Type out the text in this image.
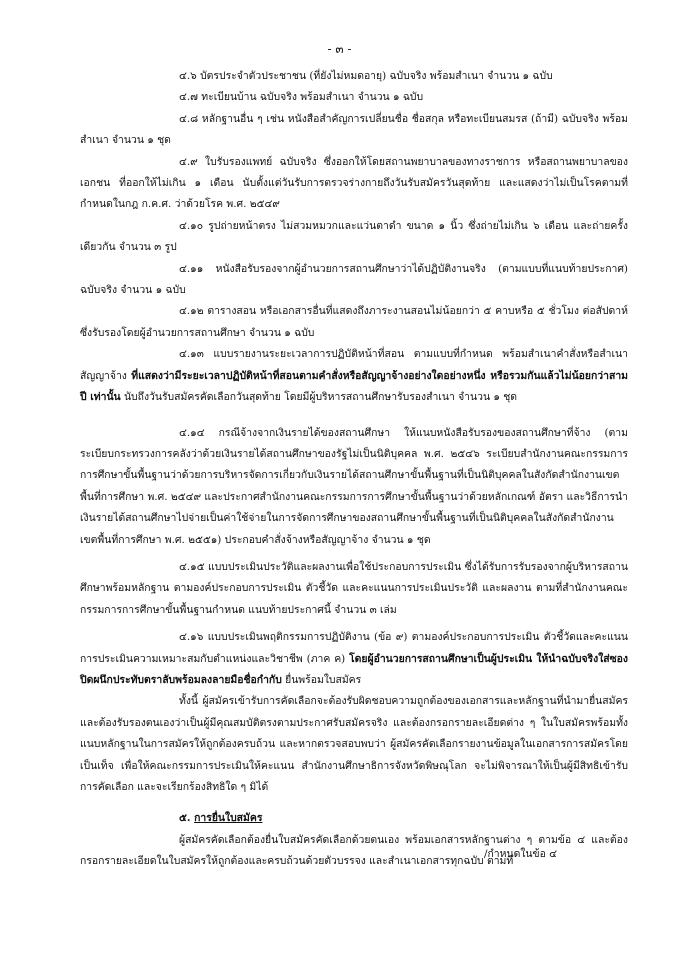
- ๓ -

๔.๖ บัตรประจำตัวประชาชน (ที่ยังไม่หมดอายุ) ฉบับจริง พร้อมสำเนา จำนวน ๑ ฉบับ

๔.๗ ทะเบียนบ้าน ฉบับจริง พร้อมสำเนา จำนวน ๑ ฉบับ

๔.๘ หลักฐานอื่น ๆ เช่น หนังสือสำคัญการเปลี่ยนชื่อ ชื่อสกุล หรือทะเบียนสมรส (ถ้ามี) ฉบับจริง พร้อมสำเนา จำนวน ๑ ชุด

๔.๙ ใบรับรองแพทย์ ฉบับจริง ซึ่งออกให้โดยสถานพยาบาลของทางราชการ หรือสถานพยาบาลของเอกชน ที่ออกให้ไม่เกิน ๑ เดือน นับตั้งแต่วันรับการตรวจร่างกายถึงวันรับสมัครวันสุดท้าย และแสดงว่าไม่เป็นโรคตามที่กำหนดในกฎ ก.ค.ศ. ว่าด้วยโรค พ.ศ. ๒๕๔๙

๔.๑๐ รูปถ่ายหน้าตรง ไม่สวมหมวกและแว่นตาดำ ขนาด ๑ นิ้ว ซึ่งถ่ายไม่เกิน ๖ เดือน และถ่ายครั้งเดียวกัน จำนวน ๓ รูป

๔.๑๑ หนังสือรับรองจากผู้อำนวยการสถานศึกษาว่าได้ปฏิบัติงานจริง (ตามแบบที่แนบท้ายประกาศ) ฉบับจริง จำนวน ๑ ฉบับ

๔.๑๒ ตารางสอน หรือเอกสารอื่นที่แสดงถึงภาระงานสอนไม่น้อยกว่า ๕ คาบหรือ ๕ ชั่วโมง ต่อสัปดาห์ ซึ่งรับรองโดยผู้อำนวยการสถานศึกษา จำนวน ๑ ฉบับ

๔.๑๓ แบบรายงานระยะเวลาการปฏิบัติหน้าที่สอน ตามแบบที่กำหนด พร้อมสำเนาคำสั่งหรือสำเนาสัญญาจ้าง ที่แสดงว่ามีระยะเวลาปฏิบัติหน้าที่สอนตามคำสั่งหรือสัญญาจ้างอย่างใดอย่างหนึ่ง หรือรวมกันแล้วไม่น้อยกว่าสามปี เท่านั้น นับถึงวันรับสมัครคัดเลือกวันสุดท้าย โดยมีผู้บริหารสถานศึกษารับรองสำเนา จำนวน ๑ ชุด

๔.๑๔ กรณีจ้างจากเงินรายได้ของสถานศึกษา ให้แนบหนังสือรับรองของสถานศึกษาที่จ้าง (ตามระเบียบกระทรวงการคลังว่าด้วยเงินรายได้สถานศึกษาของรัฐไม่เป็นนิติบุคคล พ.ศ. ๒๕๔๖ ระเบียบสำนักงานคณะกรรมการการศึกษาขั้นพื้นฐานว่าด้วยการบริหารจัดการเกี่ยวกับเงินรายได้สถานศึกษาขั้นพื้นฐานที่เป็นนิติบุคคลในสังกัดสำนักงานเขตพื้นที่การศึกษา พ.ศ. ๒๕๔๙ และประกาศสำนักงานคณะกรรมการการศึกษาขั้นพื้นฐานว่าด้วยหลักเกณฑ์ อัตรา และวิธีการนำเงินรายได้สถานศึกษาไปจ่ายเป็นค่าใช้จ่ายในการจัดการศึกษาของสถานศึกษาขั้นพื้นฐานที่เป็นนิติบุคคลในสังกัดสำนักงานเขตพื้นที่การศึกษา พ.ศ. ๒๕๕๑) ประกอบคำสั่งจ้างหรือสัญญาจ้าง จำนวน ๑ ชุด

๔.๑๕ แบบประเมินประวัติและผลงานเพื่อใช้ประกอบการประเมิน ซึ่งได้รับการรับรองจากผู้บริหารสถานศึกษาพร้อมหลักฐาน ตามองค์ประกอบการประเมิน ตัวชี้วัด และคะแนนการประเมินประวัติ และผลงาน ตามที่สำนักงานคณะกรรมการการศึกษาขั้นพื้นฐานกำหนด แนบท้ายประกาศนี้ จำนวน ๓ เล่ม

๔.๑๖ แบบประเมินพฤติกรรมการปฏิบัติงาน (ข้อ ๙) ตามองค์ประกอบการประเมิน ตัวชี้วัดและคะแนนการประเมินความเหมาะสมกับตำแหน่งและวิชาชีพ (ภาค ค) โดยผู้อำนวยการสถานศึกษาเป็นผู้ประเมิน ให้นำฉบับจริงใส่ซองปิดผนึกประทับตราลับพร้อมลงลายมือชื่อกำกับ ยื่นพร้อมใบสมัคร

ทั้งนี้ ผู้สมัครเข้ารับการคัดเลือกจะต้องรับผิดชอบความถูกต้องของเอกสารและหลักฐานที่นำมายื่นสมัครและต้องรับรองตนเองว่าเป็นผู้มีคุณสมบัติตรงตามประกาศรับสมัครจริง และต้องกรอกรายละเอียดต่าง ๆ ในใบสมัครพร้อมทั้งแนบหลักฐานในการสมัครให้ถูกต้องครบถ้วน และหากตรวจสอบพบว่า ผู้สมัครคัดเลือกรายงานข้อมูลในเอกสารการสมัครโดยเป็นเท็จ เพื่อให้คณะกรรมการประเมินให้คะแนน สำนักงานศึกษาธิการจังหวัดพิษณุโลก จะไม่พิจารณาให้เป็นผู้มีสิทธิเข้ารับการคัดเลือก และจะเรียกร้องสิทธิใด ๆ มิได้

๕. การยื่นใบสมัคร

ผู้สมัครคัดเลือกต้องยื่นใบสมัครคัดเลือกด้วยตนเอง พร้อมเอกสารหลักฐานต่าง ๆ ตามข้อ ๔ และต้องกรอกรายละเอียดในใบสมัครให้ถูกต้องและครบถ้วนด้วยตัวบรรจง และสำเนาเอกสารทุกฉบับ ตามที่

/กำหนดในข้อ ๔
